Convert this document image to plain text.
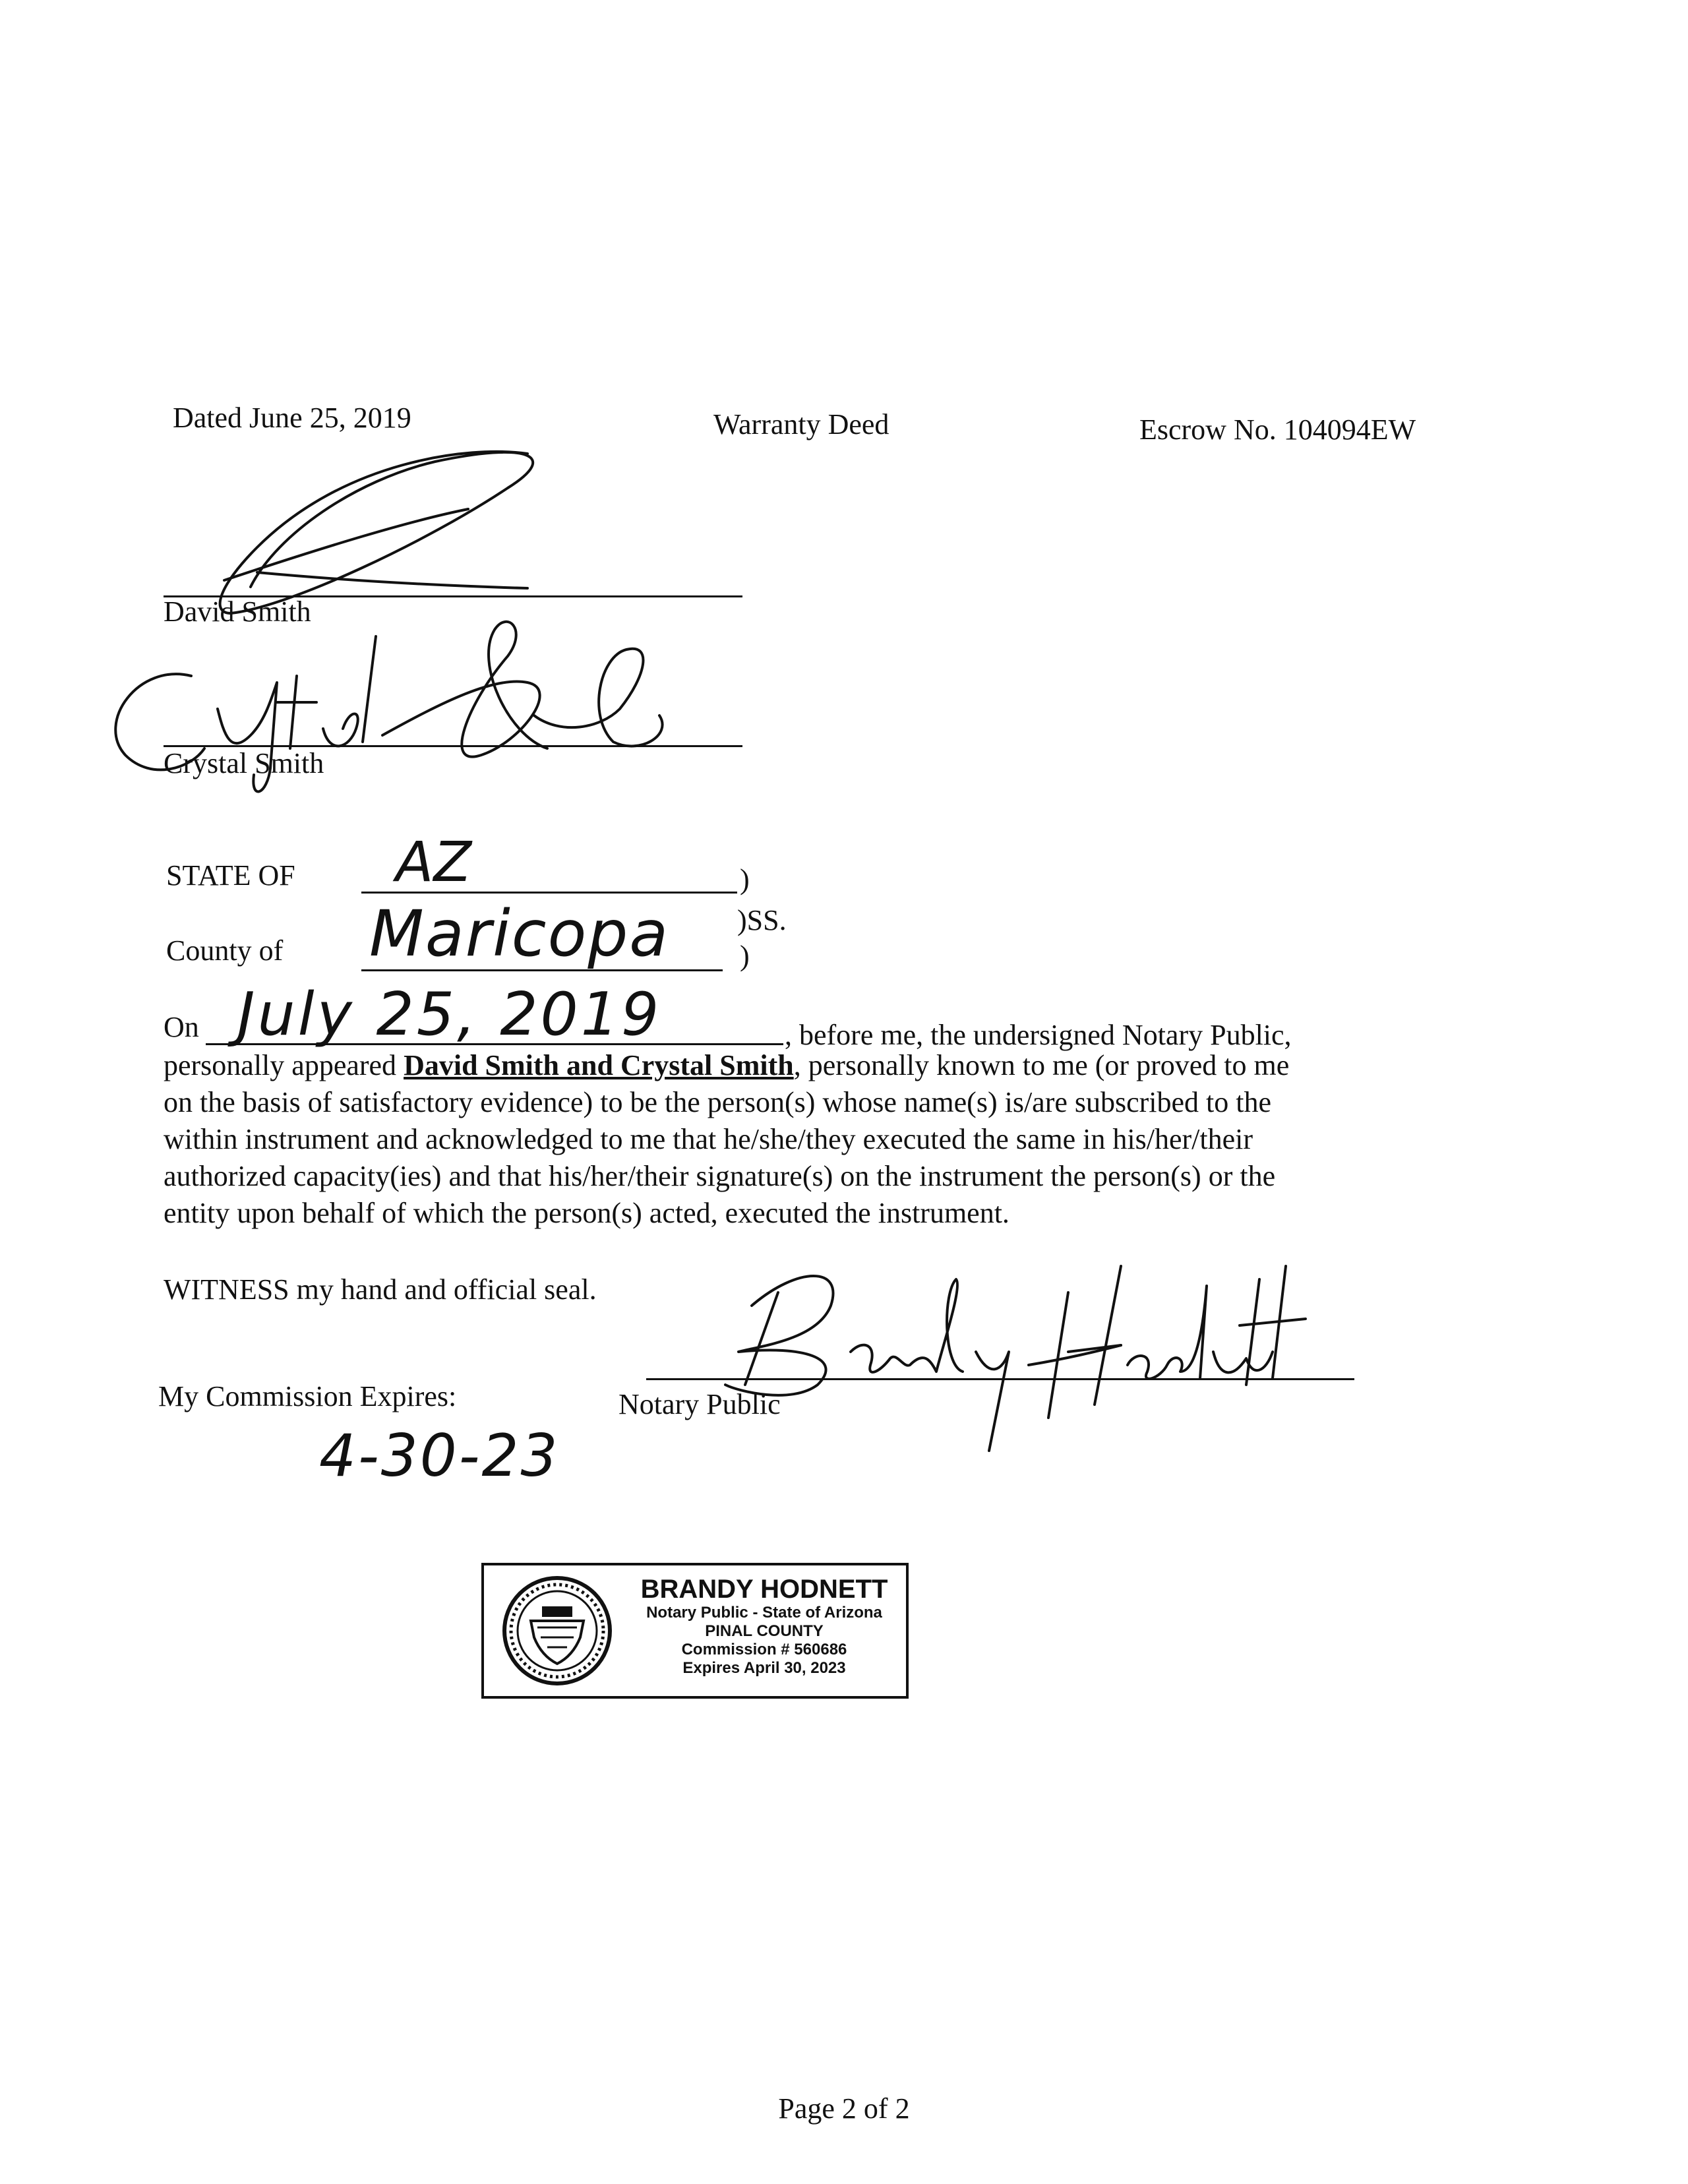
Dated June 25, 2019	Warranty Deed	Escrow No. 104094EW
David Smith
Crystal Smith
STATE OF AZ	)
)SS.
County of Maricopa )
On July 25, 2019	, before me, the undersigned Notary Public,
personally appeared David Smith and Crystal Smith, personally known to me (or proved to me
on the basis of satisfactory evidence) to be the person(s) whose name(s) is/are subscribed to the
within instrument and acknowledged to me that he/she/they executed the same in his/her/their
authorized capacity(ies) and that his/her/their signature(s) on the instrument the person(s) or the
entity upon behalf of which the person(s) acted, executed the instrument.
WITNESS my hand and official seal.
My Commission Expires:	Notary Public
4-30-23
BRANDY HODNETT
Notary Public - State of Arizona
PINAL COUNTY
Commission # 560686
Expires April 30, 2023
Page 2 of 2
